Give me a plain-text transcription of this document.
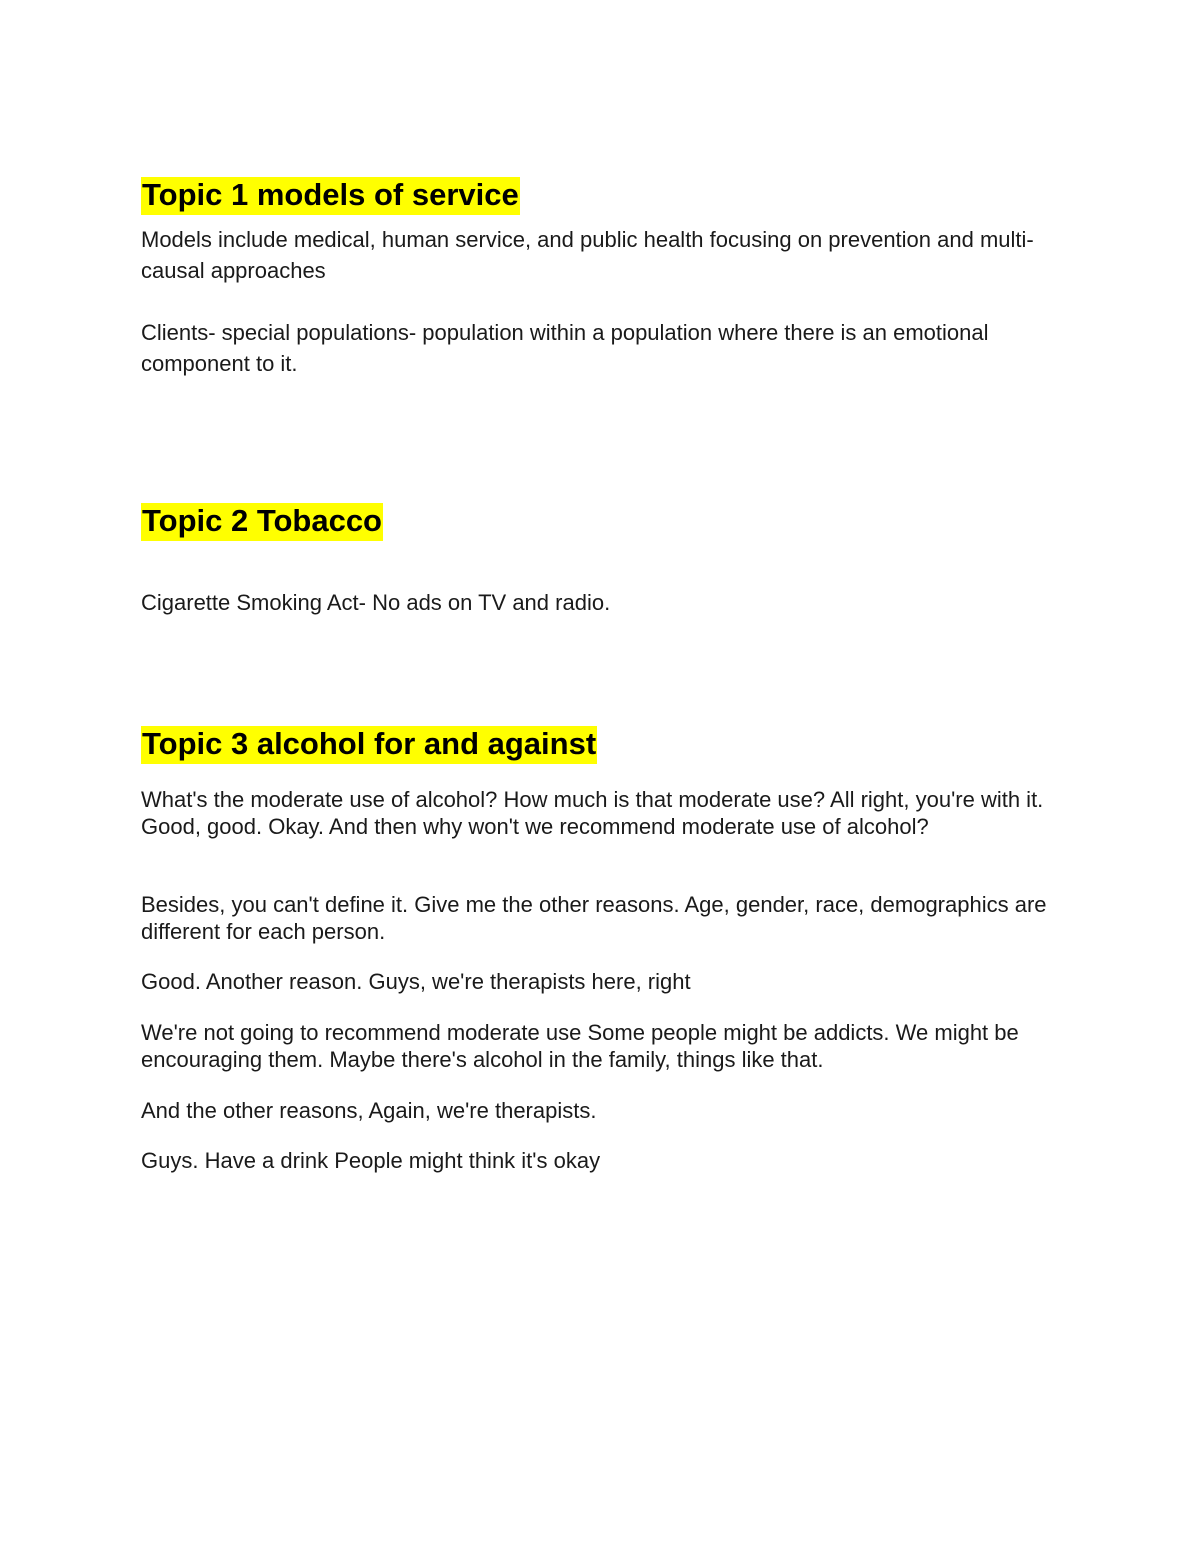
Topic 1 models of service

Models include medical, human service, and public health focusing on prevention and multi-causal approaches

Clients- special populations- population within a population where there is an emotional component to it.

Topic 2 Tobacco

Cigarette Smoking Act- No ads on TV and radio.

Topic 3 alcohol for and against

What's the moderate use of alcohol? How much is that moderate use? All right, you're with it. Good, good. Okay. And then why won't we recommend moderate use of alcohol?

Besides, you can't define it. Give me the other reasons. Age, gender, race, demographics are different for each person.

Good. Another reason. Guys, we're therapists here, right

We're not going to recommend moderate use Some people might be addicts. We might be encouraging them. Maybe there's alcohol in the family, things like that.

And the other reasons, Again, we're therapists.

Guys. Have a drink People might think it's okay
